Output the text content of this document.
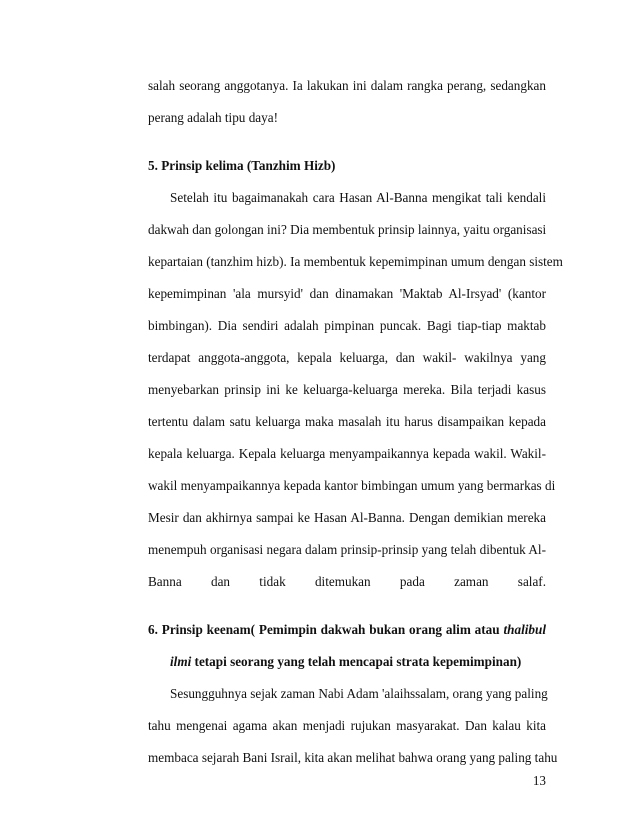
salah seorang anggotanya. Ia lakukan ini dalam rangka perang, sedangkan
perang adalah tipu daya!
5. Prinsip kelima (Tanzhim Hizb)
Setelah itu bagaimanakah cara Hasan Al-Banna mengikat tali kendali
dakwah dan golongan ini? Dia membentuk prinsip lainnya, yaitu organisasi
kepartaian (tanzhim hizb). Ia membentuk kepemimpinan umum dengan sistem
kepemimpinan 'ala mursyid' dan dinamakan 'Maktab Al-Irsyad' (kantor
bimbingan). Dia sendiri adalah pimpinan puncak. Bagi tiap-tiap maktab
terdapat anggota-anggota, kepala keluarga, dan wakil- wakilnya yang
menyebarkan prinsip ini ke keluarga-keluarga mereka. Bila terjadi kasus
tertentu dalam satu keluarga maka masalah itu harus disampaikan kepada
kepala keluarga. Kepala keluarga menyampaikannya kepada wakil. Wakil-
wakil menyampaikannya kepada kantor bimbingan umum yang bermarkas di
Mesir dan akhirnya sampai ke Hasan Al-Banna. Dengan demikian mereka
menempuh organisasi negara dalam prinsip-prinsip yang telah dibentuk Al-
Banna dan tidak ditemukan pada zaman salaf.
6. Prinsip keenam( Pemimpin dakwah bukan orang alim atau thalibul
ilmi tetapi seorang yang telah mencapai strata kepemimpinan)
Sesungguhnya sejak zaman Nabi Adam 'alaihssalam, orang yang paling
tahu mengenai agama akan menjadi rujukan masyarakat. Dan kalau kita
membaca sejarah Bani Israil, kita akan melihat bahwa orang yang paling tahu
13
